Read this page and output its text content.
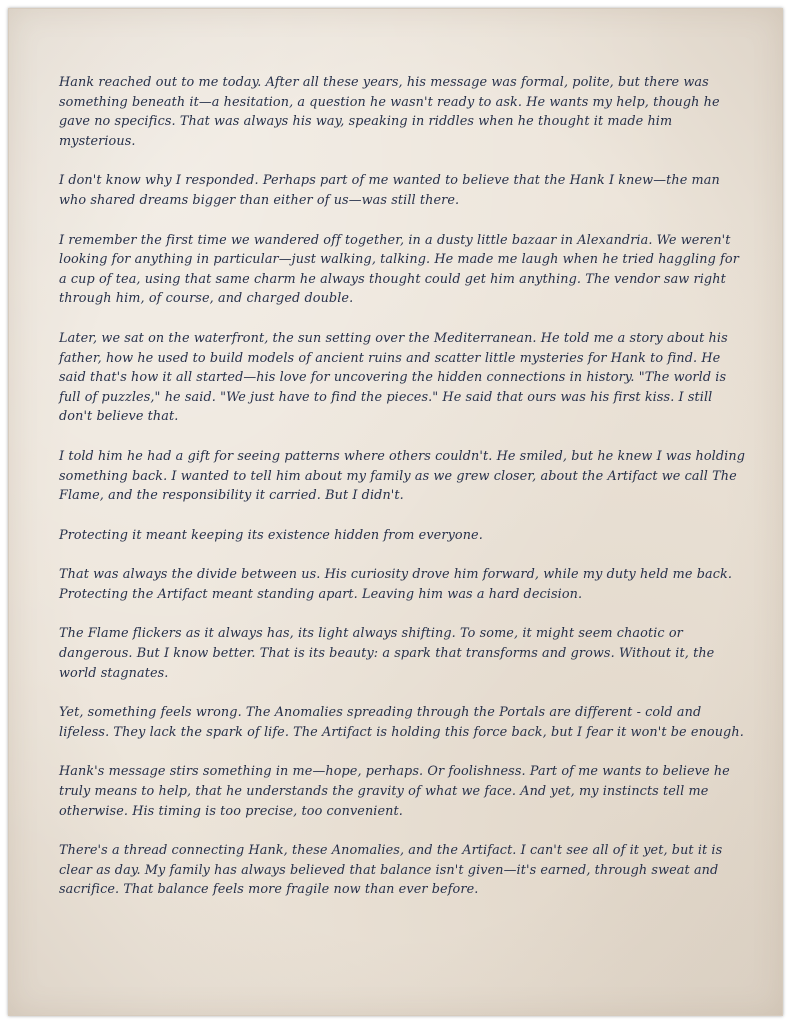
Hank reached out to me today. After all these years, his message was formal, polite, but there was something beneath it—a hesitation, a question he wasn't ready to ask. He wants my help, though he gave no specifics. That was always his way, speaking in riddles when he thought it made him mysterious.

I don't know why I responded. Perhaps part of me wanted to believe that the Hank I knew—the man who shared dreams bigger than either of us—was still there.

I remember the first time we wandered off together, in a dusty little bazaar in Alexandria. We weren't looking for anything in particular—just walking, talking. He made me laugh when he tried haggling for a cup of tea, using that same charm he always thought could get him anything. The vendor saw right through him, of course, and charged double.

Later, we sat on the waterfront, the sun setting over the Mediterranean. He told me a story about his father, how he used to build models of ancient ruins and scatter little mysteries for Hank to find. He said that's how it all started—his love for uncovering the hidden connections in history. "The world is full of puzzles," he said. "We just have to find the pieces." He said that ours was his first kiss. I still don't believe that.

I told him he had a gift for seeing patterns where others couldn't. He smiled, but he knew I was holding something back. I wanted to tell him about my family as we grew closer, about the Artifact we call The Flame, and the responsibility it carried. But I didn't.

Protecting it meant keeping its existence hidden from everyone.

That was always the divide between us. His curiosity drove him forward, while my duty held me back. Protecting the Artifact meant standing apart. Leaving him was a hard decision.

The Flame flickers as it always has, its light always shifting. To some, it might seem chaotic or dangerous. But I know better. That is its beauty: a spark that transforms and grows. Without it, the world stagnates.

Yet, something feels wrong. The Anomalies spreading through the Portals are different - cold and lifeless. They lack the spark of life. The Artifact is holding this force back, but I fear it won't be enough.

Hank's message stirs something in me—hope, perhaps. Or foolishness. Part of me wants to believe he truly means to help, that he understands the gravity of what we face. And yet, my instincts tell me otherwise. His timing is too precise, too convenient.

There's a thread connecting Hank, these Anomalies, and the Artifact. I can't see all of it yet, but it is clear as day. My family has always believed that balance isn't given—it's earned, through sweat and sacrifice. That balance feels more fragile now than ever before.
